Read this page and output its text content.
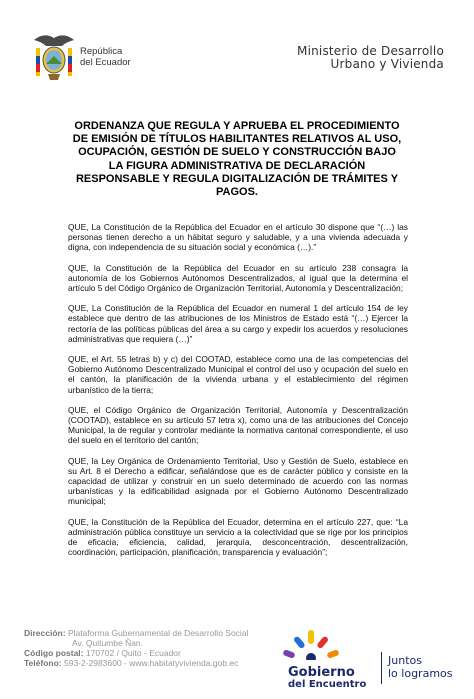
República
del Ecuador
Ministerio de Desarrollo
Urbano y Vivienda
ORDENANZA QUE REGULA Y APRUEBA EL PROCEDIMIENTO DE EMISIÓN DE TÍTULOS HABILITANTES RELATIVOS AL USO, OCUPACIÓN, GESTIÓN DE SUELO Y CONSTRUCCIÓN BAJO LA FIGURA ADMINISTRATIVA DE DECLARACIÓN RESPONSABLE Y REGULA DIGITALIZACIÓN DE TRÁMITES Y PAGOS.

QUE, La Constitución de la República del Ecuador en el artículo 30 dispone que “(…) las personas tienen derecho a un hábitat seguro y saludable, y a una vivienda adecuada y digna, con independencia de su situación social y económica (…).”

QUE, la Constitución de la República del Ecuador en su artículo 238 consagra la autonomía de los Gobiernos Autónomos Descentralizados, al igual que la determina el artículo 5 del Código Orgánico de Organización Territorial, Autonomía y Descentralización;

QUE, La Constitución de la República del Ecuador en numeral 1 del artículo 154 de ley establece que dentro de las atribuciones de los Ministros de Estado está “(…) Ejercer la rectoría de las políticas públicas del área a su cargo y expedir los acuerdos y resoluciones administrativas que requiera (…)”

QUE, el Art. 55 letras b) y c) del COOTAD, establece como una de las competencias del Gobierno Autónomo Descentralizado Municipal el control del uso y ocupación del suelo en el cantón, la planificación de la vivienda urbana y el establecimiento del régimen urbanístico de la tierra;

QUE, el Código Orgánico de Organización Territorial, Autonomía y Descentralización (COOTAD), establece en su artículo 57 letra x), como una de las atribuciones del Concejo Municipal, la de regular y controlar mediante la normativa cantonal correspondiente, el uso del suelo en el territorio del cantón;

QUE, la Ley Orgánica de Ordenamiento Territorial, Uso y Gestión de Suelo, establece en su Art. 8 el Derecho a edificar, señalándose que es de carácter público y consiste en la capacidad de utilizar y construir en un suelo determinado de acuerdo con las normas urbanísticas y la edificabilidad asignada por el Gobierno Autónomo Descentralizado municipal;

QUE, la Constitución de la República del Ecuador, determina en el artículo 227, que: “La administración pública constituye un servicio a la colectividad que se rige por los principios de eficacia, eficiencia, calidad, jerarquía, desconcentración, descentralización, coordinación, participación, planificación, transparencia y evaluación”;

Dirección: Plataforma Gubernamental de Desarrollo Social
Av. Quitumbe Ñan.
Código postal: 170702 / Quito - Ecuador
Teléfono: 593-2-2983600 - www.habitatyvivienda.gob.ec
Gobierno
del Encuentro
Juntos
lo logramos
